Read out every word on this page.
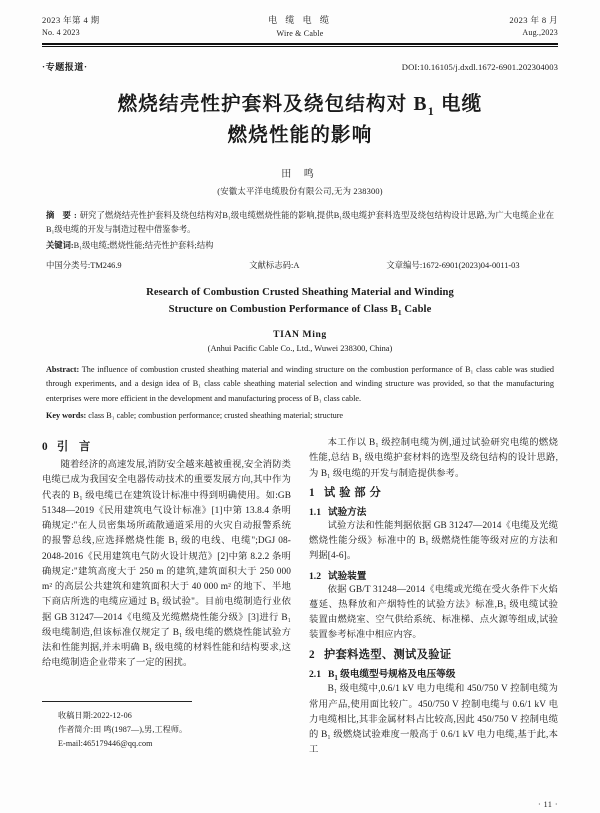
2023 年第 4 期
No. 4 2023
电 缆 电 缆
Wire & Cable
2023 年 8 月
Aug.,2023
·专题报道·	DOI:10.16105/j.dxdl.1672-6901.202304003
燃烧结壳性护套料及绕包结构对 $B_1$ 电缆
燃烧性能的影响
田 鸣
(安徽太平洋电缆股份有限公司,无为 238300)
摘 要:研究了燃烧结壳性护套料及绕包结构对B₁级电缆燃烧性能的影响,提供B₁级电缆护套料选型及绕包结构设计思路,为广大电缆企业在B₁级电缆的开发与制造过程中借鉴参考。
关键词:B₁级电缆;燃烧性能;结壳性护套料;结构
中国分类号:TM246.9	文献标志码:A	文章编号:1672-6901(2023)04-0011-03
Research of Combustion Crusted Sheathing Material and Winding
Structure on Combustion Performance of Class $B_1$ Cable
TIAN Ming
(Anhui Pacific Cable Co., Ltd., Wuwei 238300, China)
Abstract: The influence of combustion crusted sheathing material and winding structure on the combustion performance of B₁ class cable was studied through experiments, and a design idea of B₁ class cable sheathing material selection and winding structure was provided, so that the manufacturing enterprises were more efficient in the development and manufacturing process of B₁ class cable.
Key words: class B₁ cable; combustion performance; crusted sheathing material; structure
0 引 言

随着经济的高速发展,消防安全越来越被重视,安全消防类电缆已成为我国安全电器传动技术的重要发展方向,其中作为代表的 B₁ 级电缆已在建筑设计标准中得到明确使用。如:GB 51348—2019《民用建筑电气设计标准》[1]中第 13.8.4 条明确规定:"在人员密集场所疏散通道采用的火灾自动报警系统的报警总线,应选择燃烧性能 B₁ 级的电线、电缆";DGJ 08-2048-2016《民用建筑电气防火设计规范》[2]中第 8.2.2 条明确规定:"建筑高度大于 250 m 的建筑,建筑面积大于 250 000 m² 的高层公共建筑和建筑面积大于 40 000 m² 的地下、半地下商店所选的电缆应通过 B₁ 级试验"。目前电缆制造行业依据 GB 31247—2014《电缆及光缆燃烧性能分级》[3]进行 B₁ 级电缆制造,但该标准仅规定了 B₁ 级电缆的燃烧性能试验方法和性能判据,并未明确 B₁ 级电缆的材料性能和结构要求,这给电缆制造企业带来了一定的困扰。

收稿日期:2022-12-06
作者简介:田 鸣(1987—),男,工程师。
E-mail:465179446@qq.com

本工作以 B₁ 级控制电缆为例,通过试验研究电缆的燃烧性能,总结 B₁ 级电缆护套材料的选型及绕包结构的设计思路,为 B₁ 级电缆的开发与制造提供参考。

1 试验部分
1.1 试验方法

试验方法和性能判据依据 GB 31247—2014《电缆及光缆燃烧性能分级》标准中的 B₁ 级燃烧性能等级对应的方法和判据[4-6]。

1.2 试验装置

依据 GB/T 31248—2014《电缆或光缆在受火条件下火焰蔓延、热释放和产烟特性的试验方法》标准,B₁ 级电缆试验装置由燃烧室、空气供给系统、标准梯、点火源等组成,试验装置参考标准中相应内容。

2 护套料选型、测试及验证
2.1 $B_1$ 级电缆型号规格及电压等级

B₁ 级电缆中,0.6/1 kV 电力电缆和 450/750 V 控制电缆为常用产品,使用面比较广。450/750 V 控制电缆与 0.6/1 kV 电力电缆相比,其非金属材料占比较高,因此 450/750 V 控制电缆的 B₁ 级燃烧试验难度一般高于 0.6/1 kV 电力电缆,基于此,本工

· 11 ·
